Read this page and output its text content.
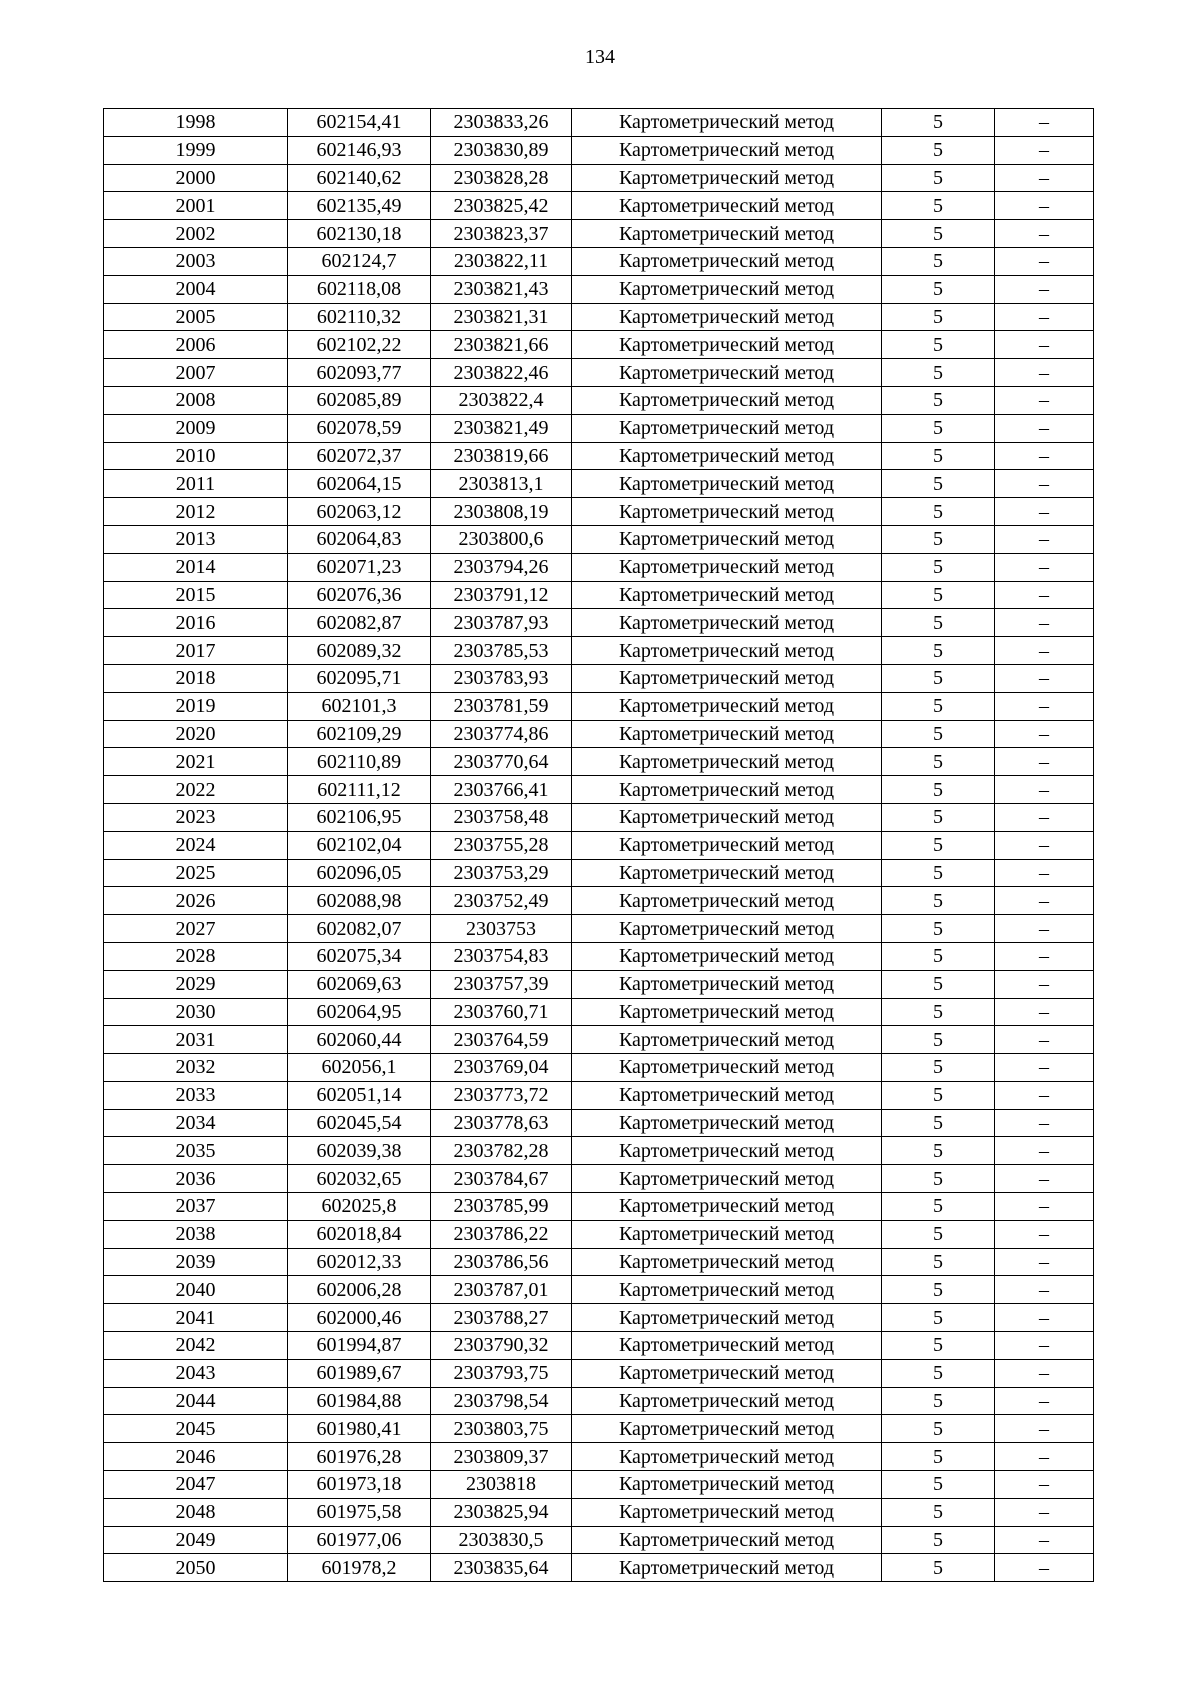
134
1998	602154,41	2303833,26	Картометрический метод	5	–
1999	602146,93	2303830,89	Картометрический метод	5	–
2000	602140,62	2303828,28	Картометрический метод	5	–
2001	602135,49	2303825,42	Картометрический метод	5	–
2002	602130,18	2303823,37	Картометрический метод	5	–
2003	602124,7	2303822,11	Картометрический метод	5	–
2004	602118,08	2303821,43	Картометрический метод	5	–
2005	602110,32	2303821,31	Картометрический метод	5	–
2006	602102,22	2303821,66	Картометрический метод	5	–
2007	602093,77	2303822,46	Картометрический метод	5	–
2008	602085,89	2303822,4	Картометрический метод	5	–
2009	602078,59	2303821,49	Картометрический метод	5	–
2010	602072,37	2303819,66	Картометрический метод	5	–
2011	602064,15	2303813,1	Картометрический метод	5	–
2012	602063,12	2303808,19	Картометрический метод	5	–
2013	602064,83	2303800,6	Картометрический метод	5	–
2014	602071,23	2303794,26	Картометрический метод	5	–
2015	602076,36	2303791,12	Картометрический метод	5	–
2016	602082,87	2303787,93	Картометрический метод	5	–
2017	602089,32	2303785,53	Картометрический метод	5	–
2018	602095,71	2303783,93	Картометрический метод	5	–
2019	602101,3	2303781,59	Картометрический метод	5	–
2020	602109,29	2303774,86	Картометрический метод	5	–
2021	602110,89	2303770,64	Картометрический метод	5	–
2022	602111,12	2303766,41	Картометрический метод	5	–
2023	602106,95	2303758,48	Картометрический метод	5	–
2024	602102,04	2303755,28	Картометрический метод	5	–
2025	602096,05	2303753,29	Картометрический метод	5	–
2026	602088,98	2303752,49	Картометрический метод	5	–
2027	602082,07	2303753	Картометрический метод	5	–
2028	602075,34	2303754,83	Картометрический метод	5	–
2029	602069,63	2303757,39	Картометрический метод	5	–
2030	602064,95	2303760,71	Картометрический метод	5	–
2031	602060,44	2303764,59	Картометрический метод	5	–
2032	602056,1	2303769,04	Картометрический метод	5	–
2033	602051,14	2303773,72	Картометрический метод	5	–
2034	602045,54	2303778,63	Картометрический метод	5	–
2035	602039,38	2303782,28	Картометрический метод	5	–
2036	602032,65	2303784,67	Картометрический метод	5	–
2037	602025,8	2303785,99	Картометрический метод	5	–
2038	602018,84	2303786,22	Картометрический метод	5	–
2039	602012,33	2303786,56	Картометрический метод	5	–
2040	602006,28	2303787,01	Картометрический метод	5	–
2041	602000,46	2303788,27	Картометрический метод	5	–
2042	601994,87	2303790,32	Картометрический метод	5	–
2043	601989,67	2303793,75	Картометрический метод	5	–
2044	601984,88	2303798,54	Картометрический метод	5	–
2045	601980,41	2303803,75	Картометрический метод	5	–
2046	601976,28	2303809,37	Картометрический метод	5	–
2047	601973,18	2303818	Картометрический метод	5	–
2048	601975,58	2303825,94	Картометрический метод	5	–
2049	601977,06	2303830,5	Картометрический метод	5	–
2050	601978,2	2303835,64	Картометрический метод	5	–
